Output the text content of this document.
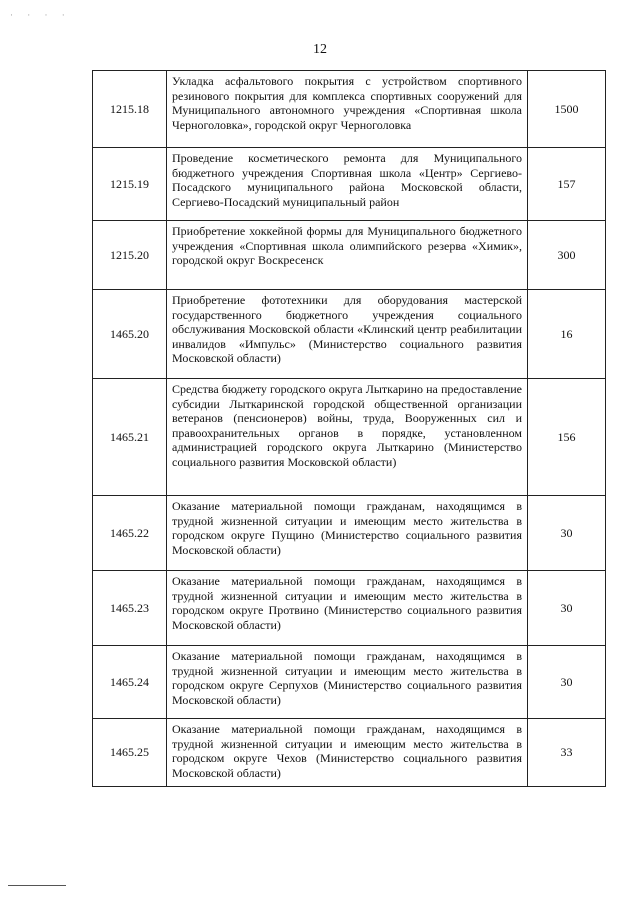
· · · ·
12
1215.18	Укладка асфальтового покрытия с устройством спортивного резинового покрытия для комплекса спортивных сооружений для Муниципального автономного учреждения «Спортивная школа Черноголовка», городской округ Черноголовка	1500
1215.19	Проведение косметического ремонта для Муниципального бюджетного учреждения Спортивная школа «Центр» Сергиево-Посадского муниципального района Московской области, Сергиево-Посадский муниципальный район	157
1215.20	Приобретение хоккейной формы для Муниципального бюджетного учреждения «Спортивная школа олимпийского резерва «Химик», городской округ Воскресенск	300
1465.20	Приобретение фототехники для оборудования мастерской государственного бюджетного учреждения социального обслуживания Московской области «Клинский центр реабилитации инвалидов «Импульс» (Министерство социального развития Московской области)	16
1465.21	Средства бюджету городского округа Лыткарино на предоставление субсидии Лыткаринской городской общественной организации ветеранов (пенсионеров) войны, труда, Вооруженных сил и правоохранительных органов в порядке, установленном администрацией городского округа Лыткарино (Министерство социального развития Московской области)	156
1465.22	Оказание материальной помощи гражданам, находящимся в трудной жизненной ситуации и имеющим место жительства в городском округе Пущино (Министерство социального развития Московской области)	30
1465.23	Оказание материальной помощи гражданам, находящимся в трудной жизненной ситуации и имеющим место жительства в городском округе Протвино (Министерство социального развития Московской области)	30
1465.24	Оказание материальной помощи гражданам, находящимся в трудной жизненной ситуации и имеющим место жительства в городском округе Серпухов (Министерство социального развития Московской области)	30
1465.25	Оказание материальной помощи гражданам, находящимся в трудной жизненной ситуации и имеющим место жительства в городском округе Чехов (Министерство социального развития Московской области)	33
